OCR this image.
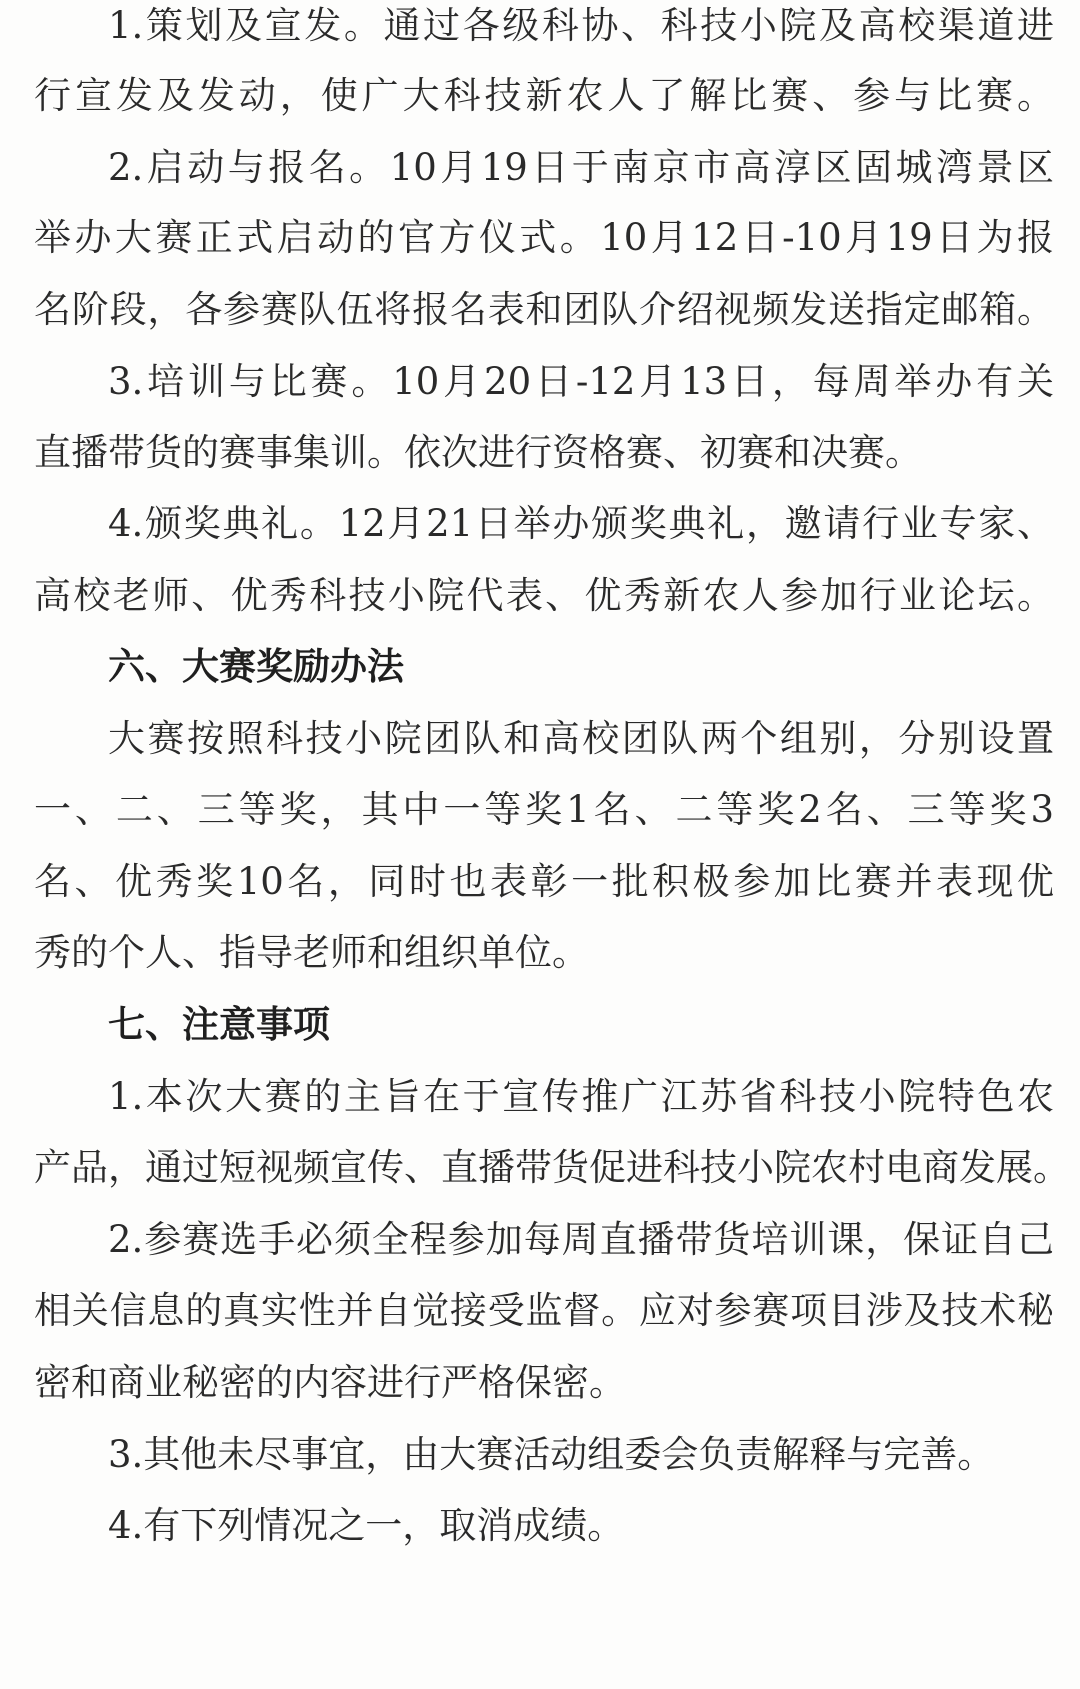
1.策划及宣发。通过各级科协、科技小院及高校渠道进
行宣发及发动，使广大科技新农人了解比赛、参与比赛。
2.启动与报名。10月19日于南京市高淳区固城湾景区
举办大赛正式启动的官方仪式。10月12日-10月19日为报
名阶段，各参赛队伍将报名表和团队介绍视频发送指定邮箱。
3.培训与比赛。10月20日-12月13日，每周举办有关
直播带货的赛事集训。依次进行资格赛、初赛和决赛。
4.颁奖典礼。12月21日举办颁奖典礼，邀请行业专家、
高校老师、优秀科技小院代表、优秀新农人参加行业论坛。
六、大赛奖励办法
大赛按照科技小院团队和高校团队两个组别，分别设置
一、二、三等奖，其中一等奖1名、二等奖2名、三等奖3
名、优秀奖10名，同时也表彰一批积极参加比赛并表现优
秀的个人、指导老师和组织单位。
七、注意事项
1.本次大赛的主旨在于宣传推广江苏省科技小院特色农
产品，通过短视频宣传、直播带货促进科技小院农村电商发展。
2.参赛选手必须全程参加每周直播带货培训课，保证自己
相关信息的真实性并自觉接受监督。应对参赛项目涉及技术秘
密和商业秘密的内容进行严格保密。
3.其他未尽事宜，由大赛活动组委会负责解释与完善。
4.有下列情况之一，取消成绩。
